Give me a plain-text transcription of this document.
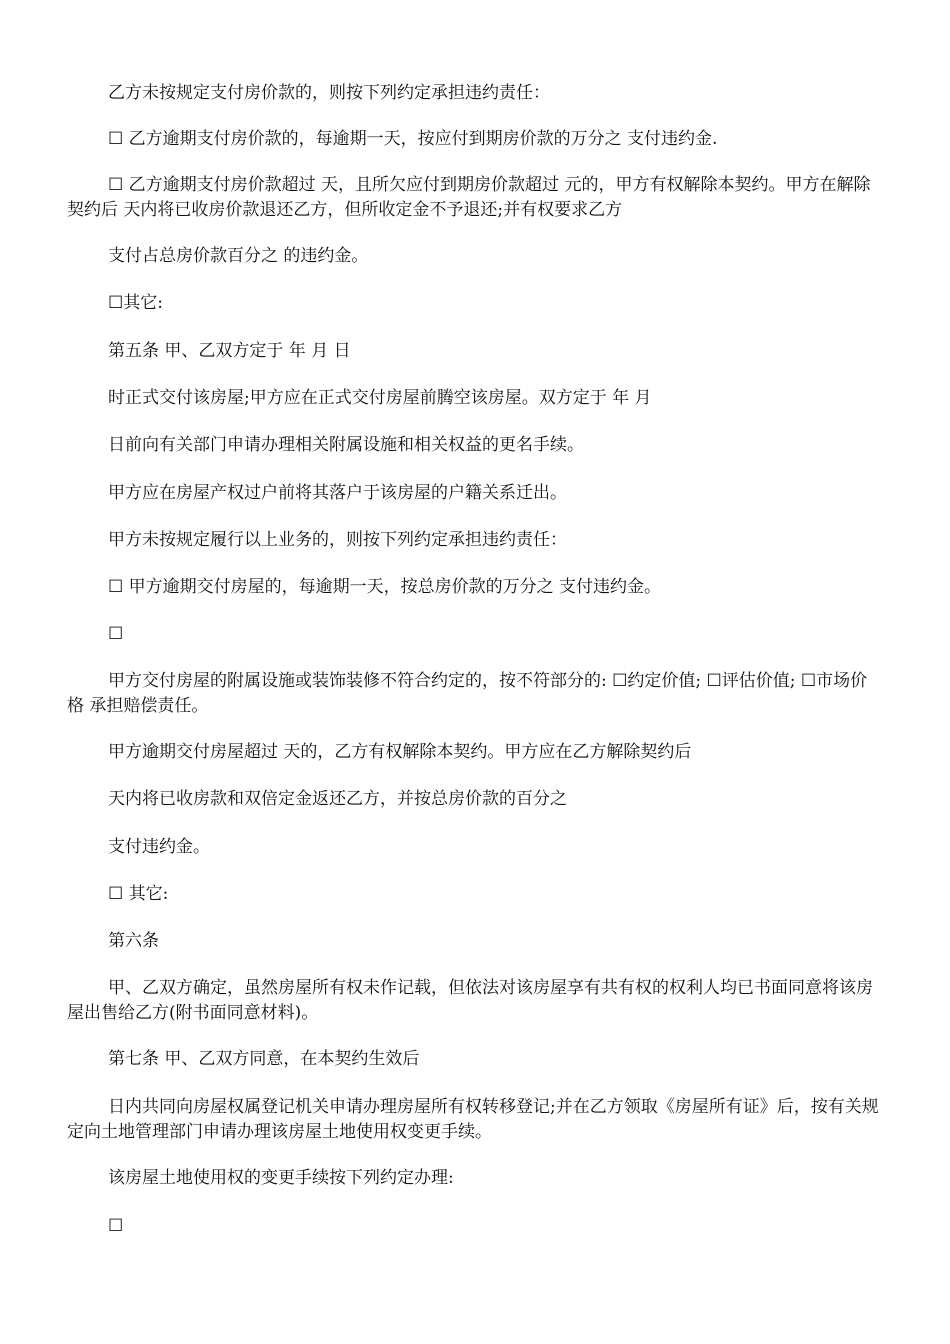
乙方未按规定支付房价款的，则按下列约定承担违约责任：

☐ 乙方逾期支付房价款的，每逾期一天，按应付到期房价款的万分之 支付违约金.

☐ 乙方逾期支付房价款超过 天，且所欠应付到期房价款超过 元的，甲方有权解除本契约。甲方在解除契约后 天内将已收房价款退还乙方，但所收定金不予退还;并有权要求乙方

支付占总房价款百分之 的违约金。

☐其它:

第五条 甲、乙双方定于 年 月 日

时正式交付该房屋;甲方应在正式交付房屋前腾空该房屋。双方定于 年 月

日前向有关部门申请办理相关附属设施和相关权益的更名手续。

甲方应在房屋产权过户前将其落户于该房屋的户籍关系迁出。

甲方未按规定履行以上业务的，则按下列约定承担违约责任：

☐ 甲方逾期交付房屋的，每逾期一天，按总房价款的万分之 支付违约金。

☐

甲方交付房屋的附属设施或装饰装修不符合约定的，按不符部分的: ☐约定价值; ☐评估价值; ☐市场价格 承担赔偿责任。

甲方逾期交付房屋超过 天的，乙方有权解除本契约。甲方应在乙方解除契约后

天内将已收房款和双倍定金返还乙方，并按总房价款的百分之

支付违约金。

☐ 其它:

第六条

甲、乙双方确定，虽然房屋所有权未作记载，但依法对该房屋享有共有权的权利人均已书面同意将该房屋出售给乙方(附书面同意材料)。

第七条 甲、乙双方同意，在本契约生效后

日内共同向房屋权属登记机关申请办理房屋所有权转移登记;并在乙方领取《房屋所有证》后，按有关规定向土地管理部门申请办理该房屋土地使用权变更手续。

该房屋土地使用权的变更手续按下列约定办理:

☐
